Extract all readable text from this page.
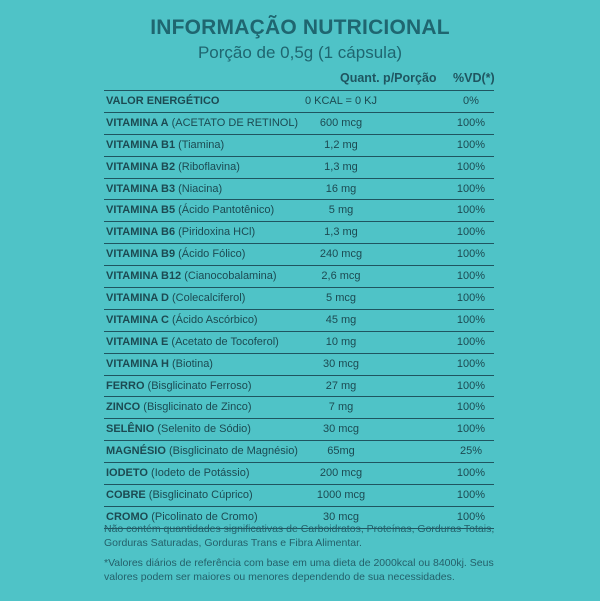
INFORMAÇÃO NUTRICIONAL
Porção de 0,5g (1 cápsula)
Quant. p/Porção %VD(*)
VALOR ENERGÉTICO	0 KCAL = 0 KJ	0%
VITAMINA A (ACETATO DE RETINOL)	600 mcg	100%
VITAMINA B1 (Tiamina)	1,2 mg	100%
VITAMINA B2 (Riboflavina)	1,3 mg	100%
VITAMINA B3 (Niacina)	16 mg	100%
VITAMINA B5 (Ácido Pantotênico)	5 mg	100%
VITAMINA B6 (Piridoxina HCl)	1,3 mg	100%
VITAMINA B9 (Ácido Fólico)	240 mcg	100%
VITAMINA B12 (Cianocobalamina)	2,6 mcg	100%
VITAMINA D (Colecalciferol)	5 mcg	100%
VITAMINA C (Ácido Ascórbico)	45 mg	100%
VITAMINA E (Acetato de Tocoferol)	10 mg	100%
VITAMINA H (Biotina)	30 mcg	100%
FERRO (Bisglicinato Ferroso)	27 mg	100%
ZINCO (Bisglicinato de Zinco)	7 mg	100%
SELÊNIO (Selenito de Sódio)	30 mcg	100%
MAGNÉSIO (Bisglicinato de Magnésio)	65mg	25%
IODETO (Iodeto de Potássio)	200 mcg	100%
COBRE (Bisglicinato Cúprico)	1000 mcg	100%
CROMO (Picolinato de Cromo)	30 mcg	100%
Não contém quantidades significativas de Carboidratos, Proteínas, Gorduras Totais, Gorduras Saturadas, Gorduras Trans e Fibra Alimentar.
*Valores diários de referência com base em uma dieta de 2000kcal ou 8400kj. Seus valores podem ser maiores ou menores dependendo de sua necessidades.
